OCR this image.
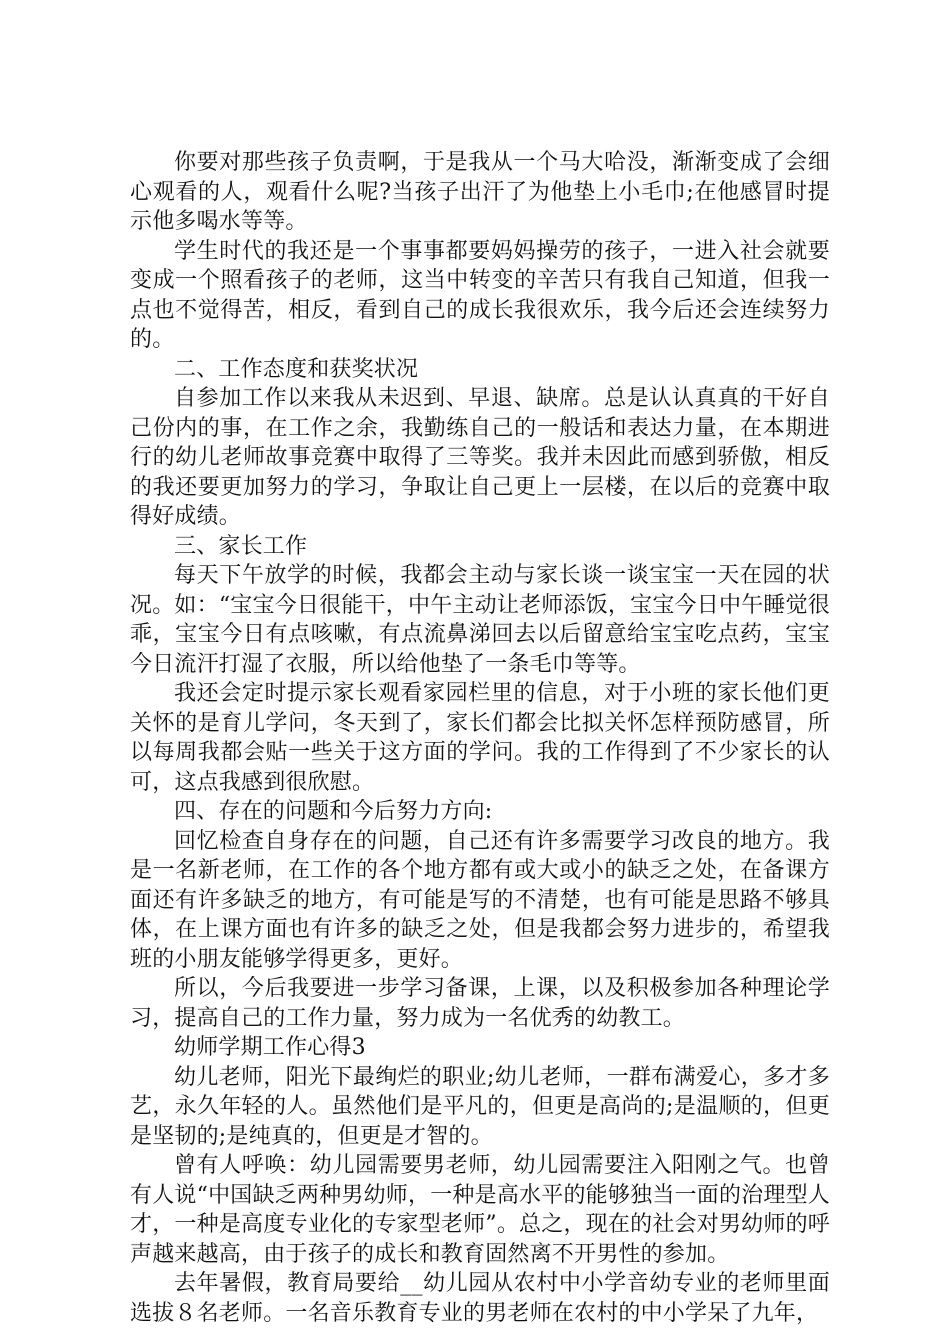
你要对那些孩子负责啊，于是我从一个马大哈没，渐渐变成了会细心观看的人，观看什么呢?当孩子出汗了为他垫上小毛巾;在他感冒时提示他多喝水等等。

学生时代的我还是一个事事都要妈妈操劳的孩子，一进入社会就要变成一个照看孩子的老师，这当中转变的辛苦只有我自己知道，但我一点也不觉得苦，相反，看到自己的成长我很欢乐，我今后还会连续努力的。

二、工作态度和获奖状况

自参加工作以来我从未迟到、早退、缺席。总是认认真真的干好自己份内的事，在工作之余，我勤练自己的一般话和表达力量，在本期进行的幼儿老师故事竞赛中取得了三等奖。我并未因此而感到骄傲，相反的我还要更加努力的学习，争取让自己更上一层楼，在以后的竞赛中取得好成绩。

三、家长工作

每天下午放学的时候，我都会主动与家长谈一谈宝宝一天在园的状况。如：“宝宝今日很能干，中午主动让老师添饭，宝宝今日中午睡觉很乖，宝宝今日有点咳嗽，有点流鼻涕回去以后留意给宝宝吃点药，宝宝今日流汗打湿了衣服，所以给他垫了一条毛巾等等。

我还会定时提示家长观看家园栏里的信息，对于小班的家长他们更关怀的是育儿学问，冬天到了，家长们都会比拟关怀怎样预防感冒，所以每周我都会贴一些关于这方面的学问。我的工作得到了不少家长的认可，这点我感到很欣慰。

四、存在的问题和今后努力方向:

回忆检查自身存在的问题，自己还有许多需要学习改良的地方。我是一名新老师，在工作的各个地方都有或大或小的缺乏之处，在备课方面还有许多缺乏的地方，有可能是写的不清楚，也有可能是思路不够具体，在上课方面也有许多的缺乏之处，但是我都会努力进步的，希望我班的小朋友能够学得更多，更好。

所以，今后我要进一步学习备课，上课，以及积极参加各种理论学习，提高自己的工作力量，努力成为一名优秀的幼教工。

幼师学期工作心得3

幼儿老师，阳光下最绚烂的职业;幼儿老师，一群布满爱心，多才多艺，永久年轻的人。虽然他们是平凡的，但更是高尚的;是温顺的，但更是坚韧的;是纯真的，但更是才智的。

曾有人呼唤：幼儿园需要男老师，幼儿园需要注入阳刚之气。也曾有人说“中国缺乏两种男幼师，一种是高水平的能够独当一面的治理型人才，一种是高度专业化的专家型老师”。总之，现在的社会对男幼师的呼声越来越高，由于孩子的成长和教育固然离不开男性的参加。

去年暑假，教育局要给__幼儿园从农村中小学音幼专业的老师里面选拔８名老师。一名音乐教育专业的男老师在农村的中小学呆了九年，
